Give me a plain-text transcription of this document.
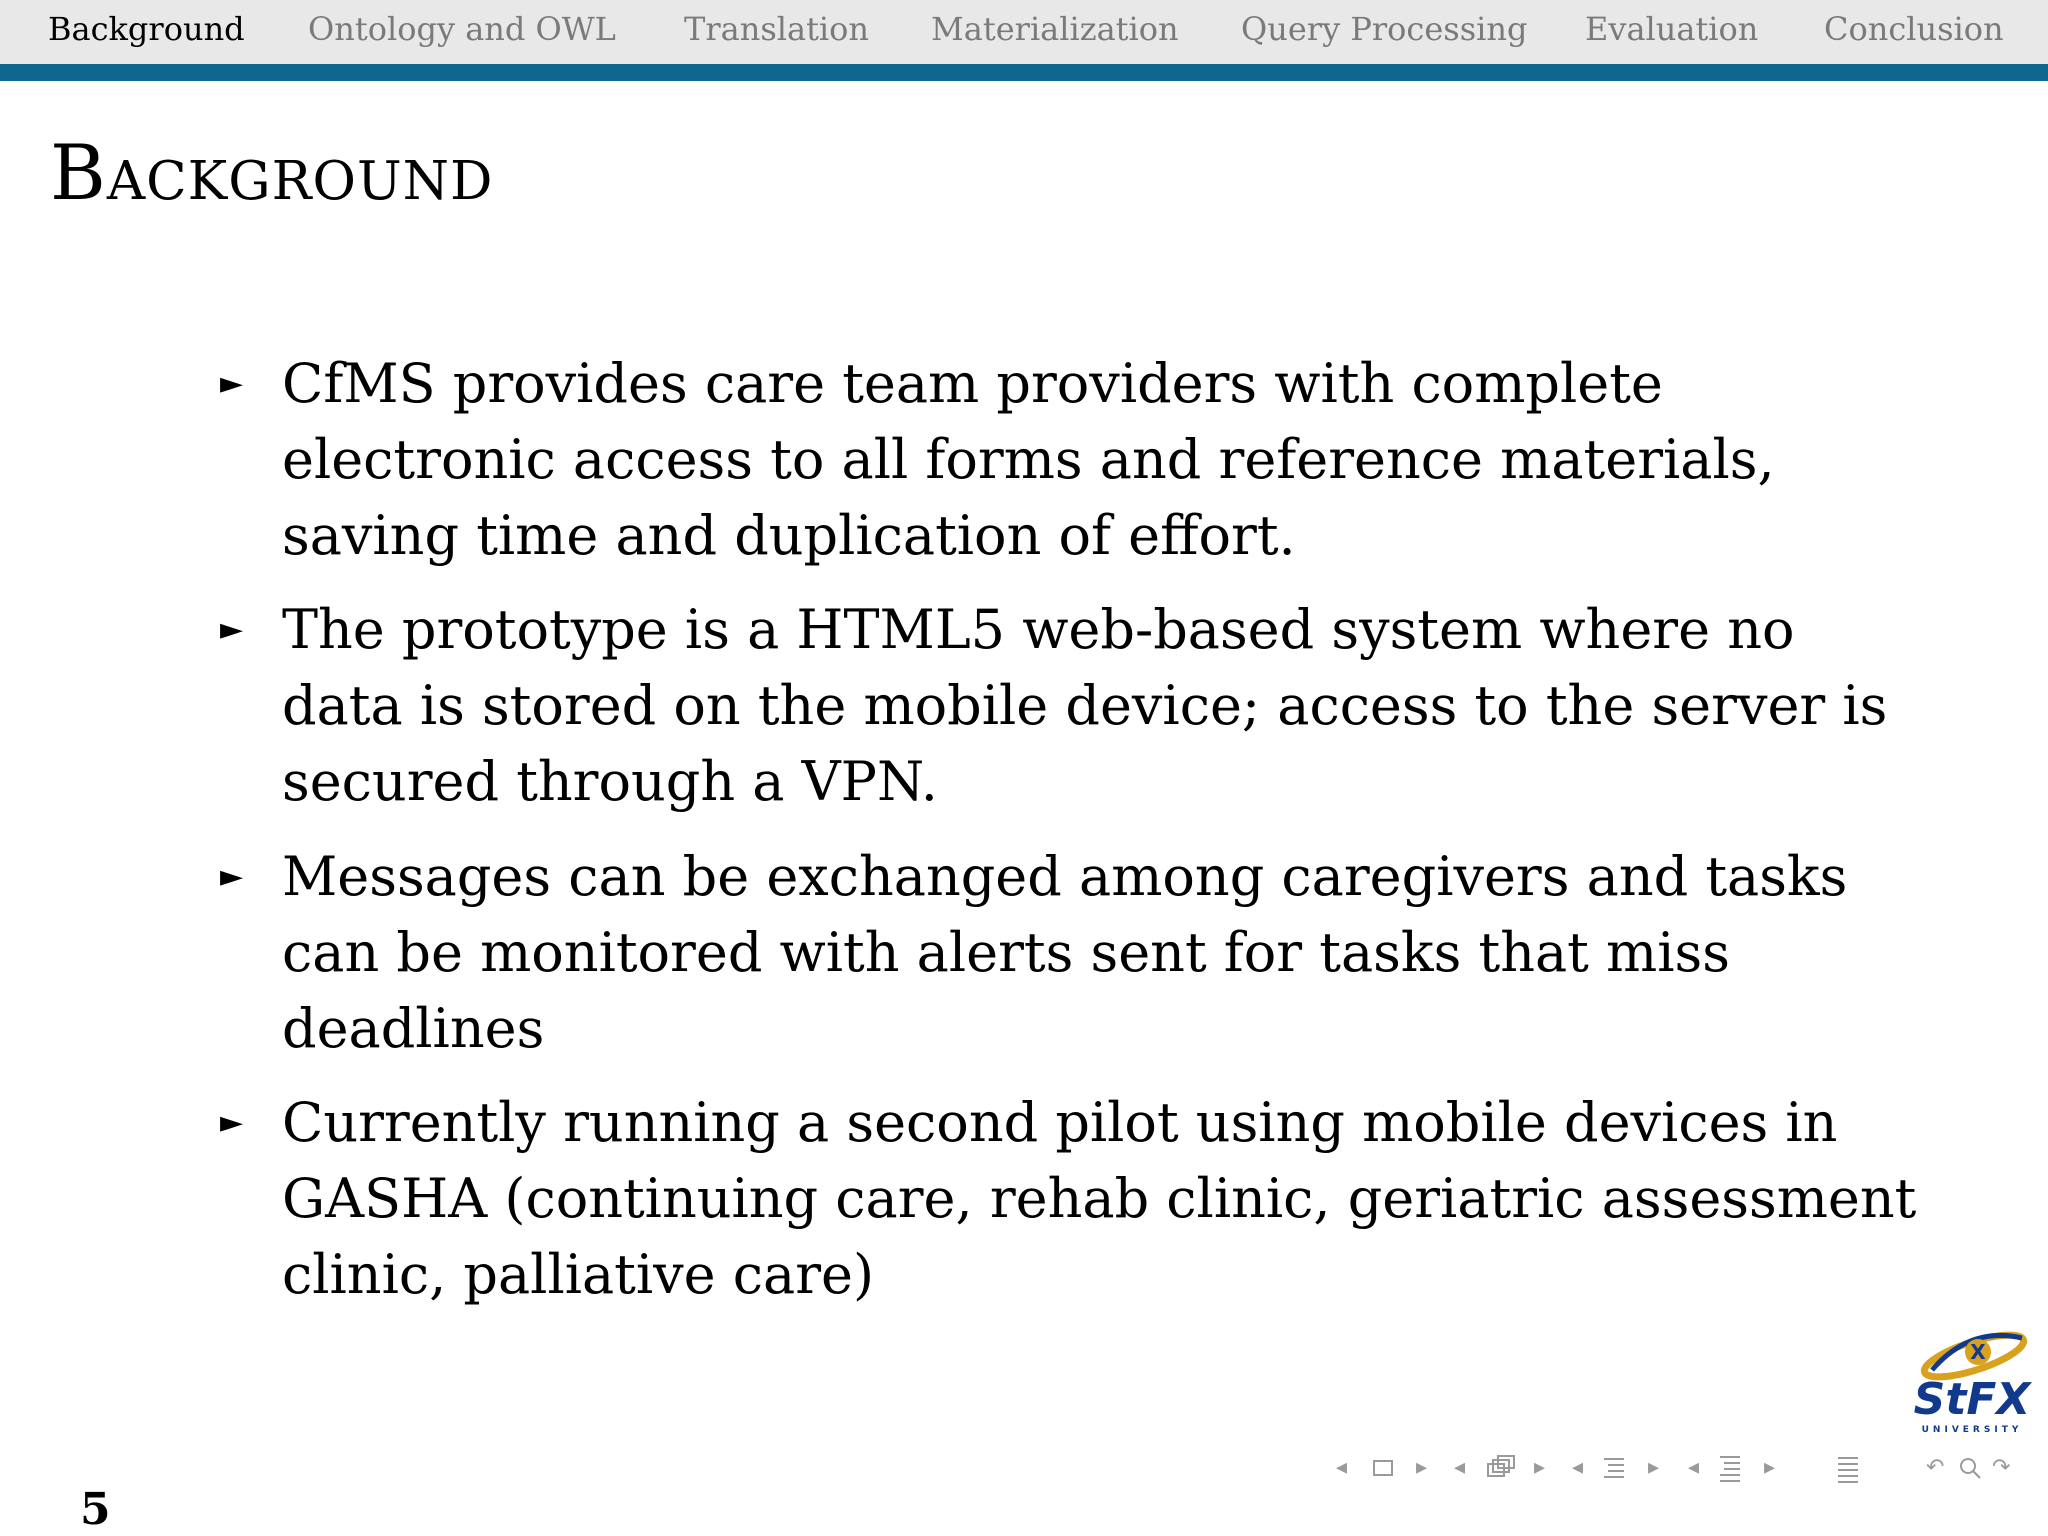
Background Ontology and OWL Translation Materialization Query Processing Evaluation Conclusion
Background
► CfMS provides care team providers with complete
electronic access to all forms and reference materials,
saving time and duplication of effort.
► The prototype is a HTML5 web-based system where no
data is stored on the mobile device; access to the server is
secured through a VPN.
► Messages can be exchanged among caregivers and tasks
can be monitored with alerts sent for tasks that miss
deadlines
► Currently running a second pilot using mobile devices in
GASHA (continuing care, rehab clinic, geriatric assessment
clinic, palliative care)
X
StFX
UNIVERSITY
◂	▸ ◂	▸ ◂	▸ ◂	▸	↶ ↷
5
